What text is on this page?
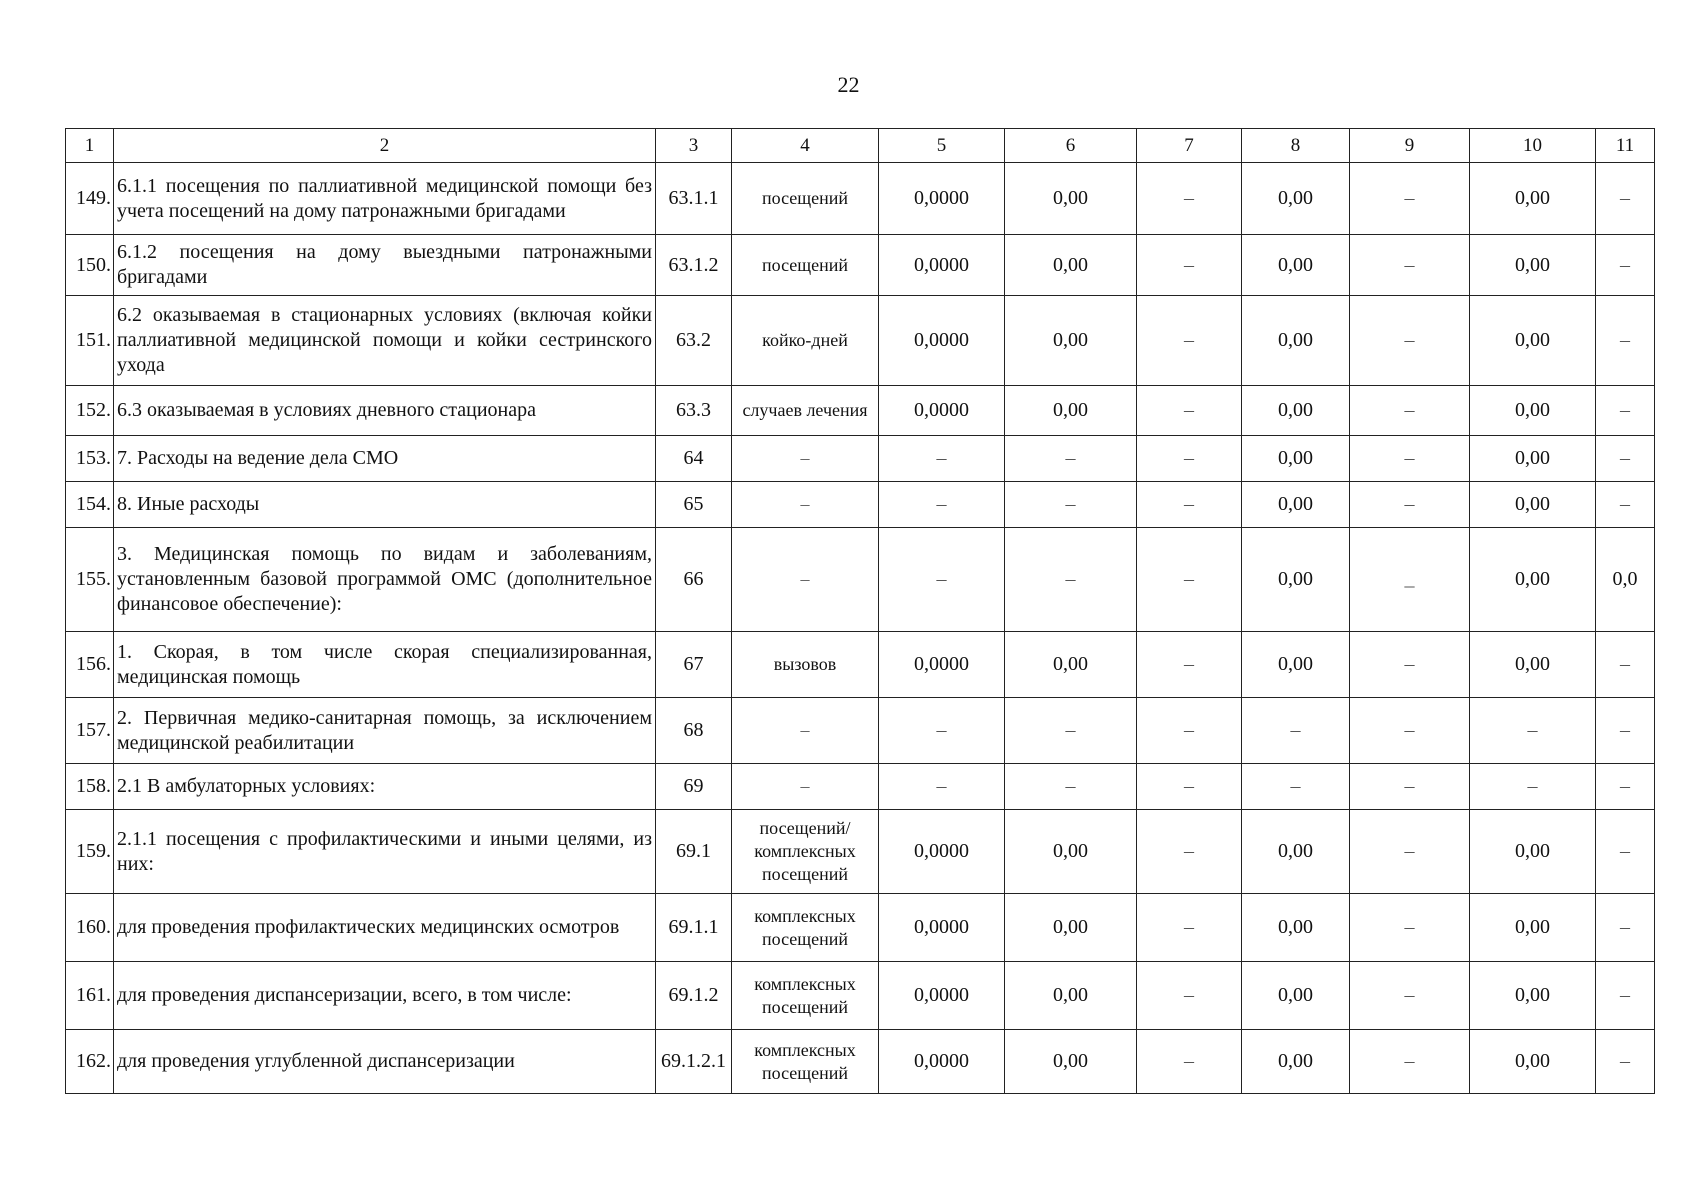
22
1	2	3	4	5	6	7	8	9	10	11
149.	6.1.1 посещения по паллиативной медицинской помощи без учета посещений на дому патронажными бригадами	63.1.1	посещений	0,0000	0,00	–	0,00	–	0,00	–
150.	6.1.2 посещения на дому выездными патронажными бригадами	63.1.2	посещений	0,0000	0,00	–	0,00	–	0,00	–
151.	6.2 оказываемая в стационарных условиях (включая койки паллиативной медицинской помощи и койки сестринского ухода	63.2	койко-дней	0,0000	0,00	–	0,00	–	0,00	–
152.	6.3 оказываемая в условиях дневного стационара	63.3	случаев лечения	0,0000	0,00	–	0,00	–	0,00	–
153.	7. Расходы на ведение дела СМО	64	–	–	–	–	0,00	–	0,00	–
154.	8. Иные расходы	65	–	–	–	–	0,00	–	0,00	–
155.	3. Медицинская помощь по видам и заболеваниям, установленным базовой программой ОМС (дополнительное финансовое обеспечение):	66	–	–	–	–	0,00	_	0,00	0,0
156.	1. Скорая, в том числе скорая специализированная, медицинская помощь	67	вызовов	0,0000	0,00	–	0,00	–	0,00	–
157.	2. Первичная медико-санитарная помощь, за исключением медицинской реабилитации	68	–	–	–	–	–	–	–	–
158.	2.1 В амбулаторных условиях:	69	–	–	–	–	–	–	–	–
159.	2.1.1 посещения с профилактическими и иными целями, из них:	69.1	посещений/комплексных посещений	0,0000	0,00	–	0,00	–	0,00	–
160.	для проведения профилактических медицинских осмотров	69.1.1	комплексных посещений	0,0000	0,00	–	0,00	–	0,00	–
161.	для проведения диспансеризации, всего, в том числе:	69.1.2	комплексных посещений	0,0000	0,00	–	0,00	–	0,00	–
162.	для проведения углубленной диспансеризации	69.1.2.1	комплексных посещений	0,0000	0,00	–	0,00	–	0,00	–
